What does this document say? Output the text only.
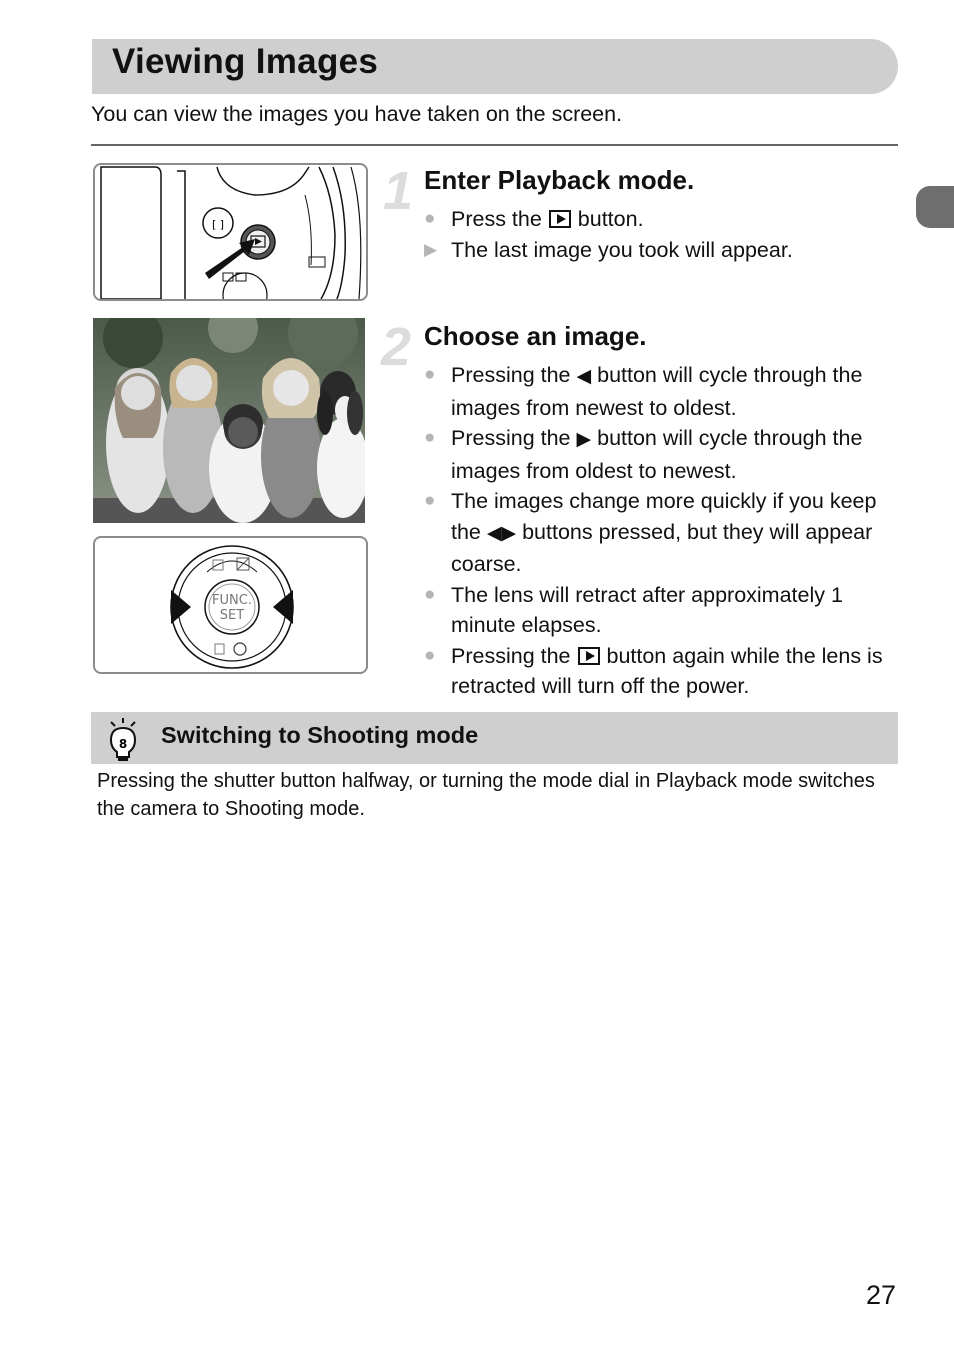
Viewing Images
You can view the images you have taken on the screen.
[ ]
FUNC.
SET
1 Enter Playback mode.
● Press the button.
▶ The last image you took will appear.
2 Choose an image.
● Pressing the ◀ button will cycle through the images from newest to oldest.
● Pressing the ▶ button will cycle through the images from oldest to newest.
● The images change more quickly if you keep the ◀▶ buttons pressed, but they will appear coarse.
● The lens will retract after approximately 1 minute elapses.
● Pressing the button again while the lens is retracted will turn off the power.
8 Switching to Shooting mode
Pressing the shutter button halfway, or turning the mode dial in Playback mode switches the camera to Shooting mode.
27
